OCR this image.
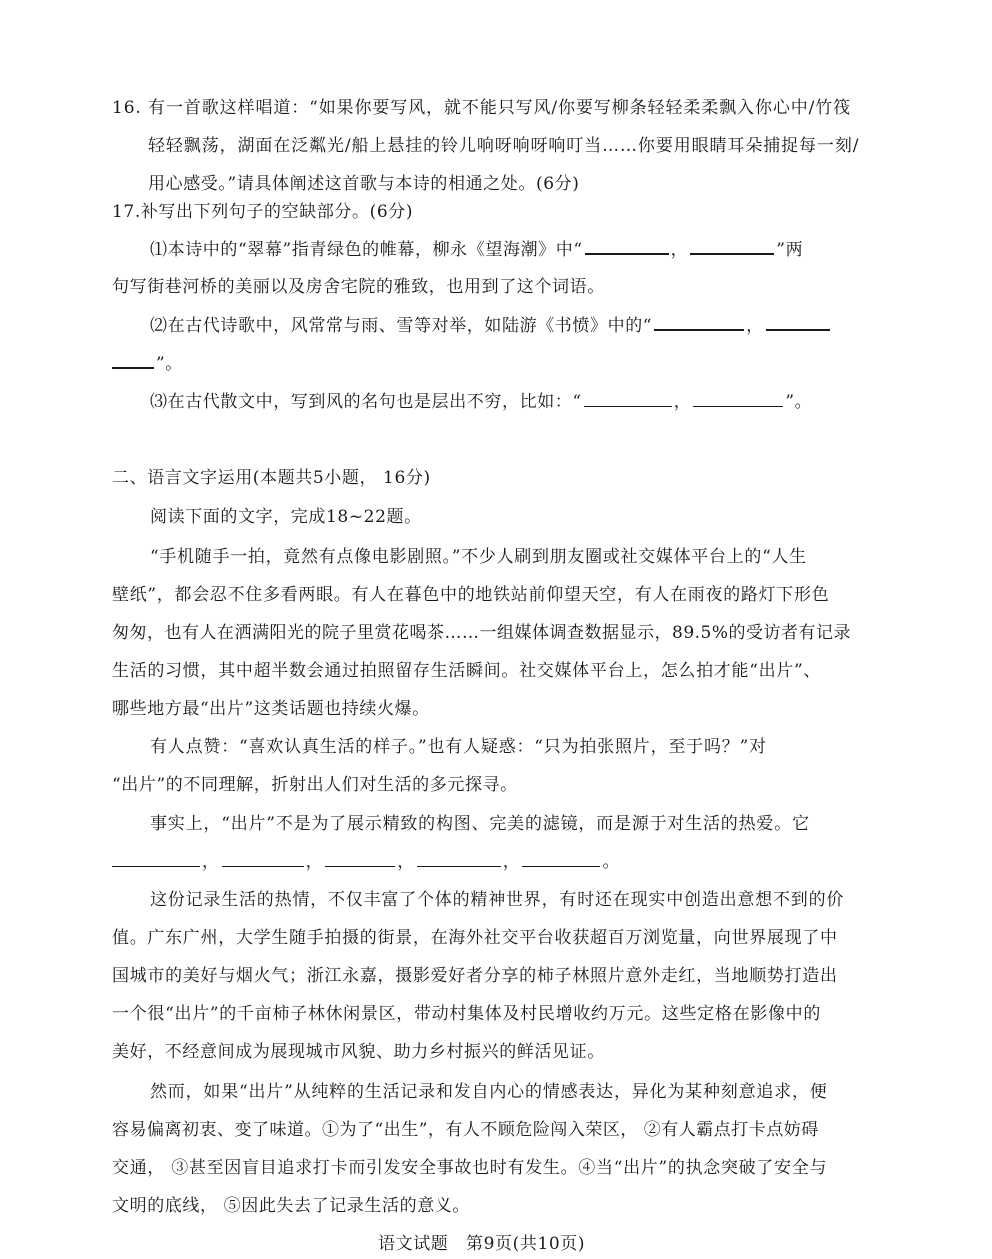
16. 有一首歌这样唱道：“如果你要写风，就不能只写风/你要写柳条轻轻柔柔飘入你心中/竹筏
轻轻飘荡，湖面在泛粼光/船上悬挂的铃儿响呀响呀响叮当……你要用眼睛耳朵捕捉每一刻/
用心感受。”请具体阐述这首歌与本诗的相通之处。(6分)
17.补写出下列句子的空缺部分。(6分)
⑴本诗中的“翠幕”指青绿色的帷幕，柳永《望海潮》中“	，	”两
句写街巷河桥的美丽以及房舍宅院的雅致，也用到了这个词语。
⑵在古代诗歌中，风常常与雨、雪等对举，如陆游《书愤》中的“	，
”。
⑶在古代散文中，写到风的名句也是层出不穷，比如：“	，	”。
二、语言文字运用(本题共5小题， 16分)
阅读下面的文字，完成18~22题。
“手机随手一拍，竟然有点像电影剧照。”不少人刷到朋友圈或社交媒体平台上的“人生
壁纸”，都会忍不住多看两眼。有人在暮色中的地铁站前仰望天空，有人在雨夜的路灯下形色
匆匆，也有人在洒满阳光的院子里赏花喝茶……一组媒体调查数据显示，89.5%的受访者有记录
生活的习惯，其中超半数会通过拍照留存生活瞬间。社交媒体平台上，怎么拍才能“出片”、
哪些地方最“出片”这类话题也持续火爆。
有人点赞：“喜欢认真生活的样子。”也有人疑惑：“只为拍张照片，至于吗？”对
“出片”的不同理解，折射出人们对生活的多元探寻。
事实上，“出片”不是为了展示精致的构图、完美的滤镜，而是源于对生活的热爱。它
，	，	，	，	。
这份记录生活的热情，不仅丰富了个体的精神世界，有时还在现实中创造出意想不到的价
值。广东广州，大学生随手拍摄的街景，在海外社交平台收获超百万浏览量，向世界展现了中
国城市的美好与烟火气；浙江永嘉，摄影爱好者分享的柿子林照片意外走红，当地顺势打造出
一个很“出片”的千亩柿子林休闲景区，带动村集体及村民增收约万元。这些定格在影像中的
美好，不经意间成为展现城市风貌、助力乡村振兴的鲜活见证。
然而，如果“出片”从纯粹的生活记录和发自内心的情感表达，异化为某种刻意追求，便
容易偏离初衷、变了味道。①为了“出生”，有人不顾危险闯入荣区， ②有人霸点打卡点妨碍
交通， ③甚至因盲目追求打卡而引发安全事故也时有发生。④当“出片”的执念突破了安全与
文明的底线， ⑤因此失去了记录生活的意义。
语文试题　第9页(共10页)
